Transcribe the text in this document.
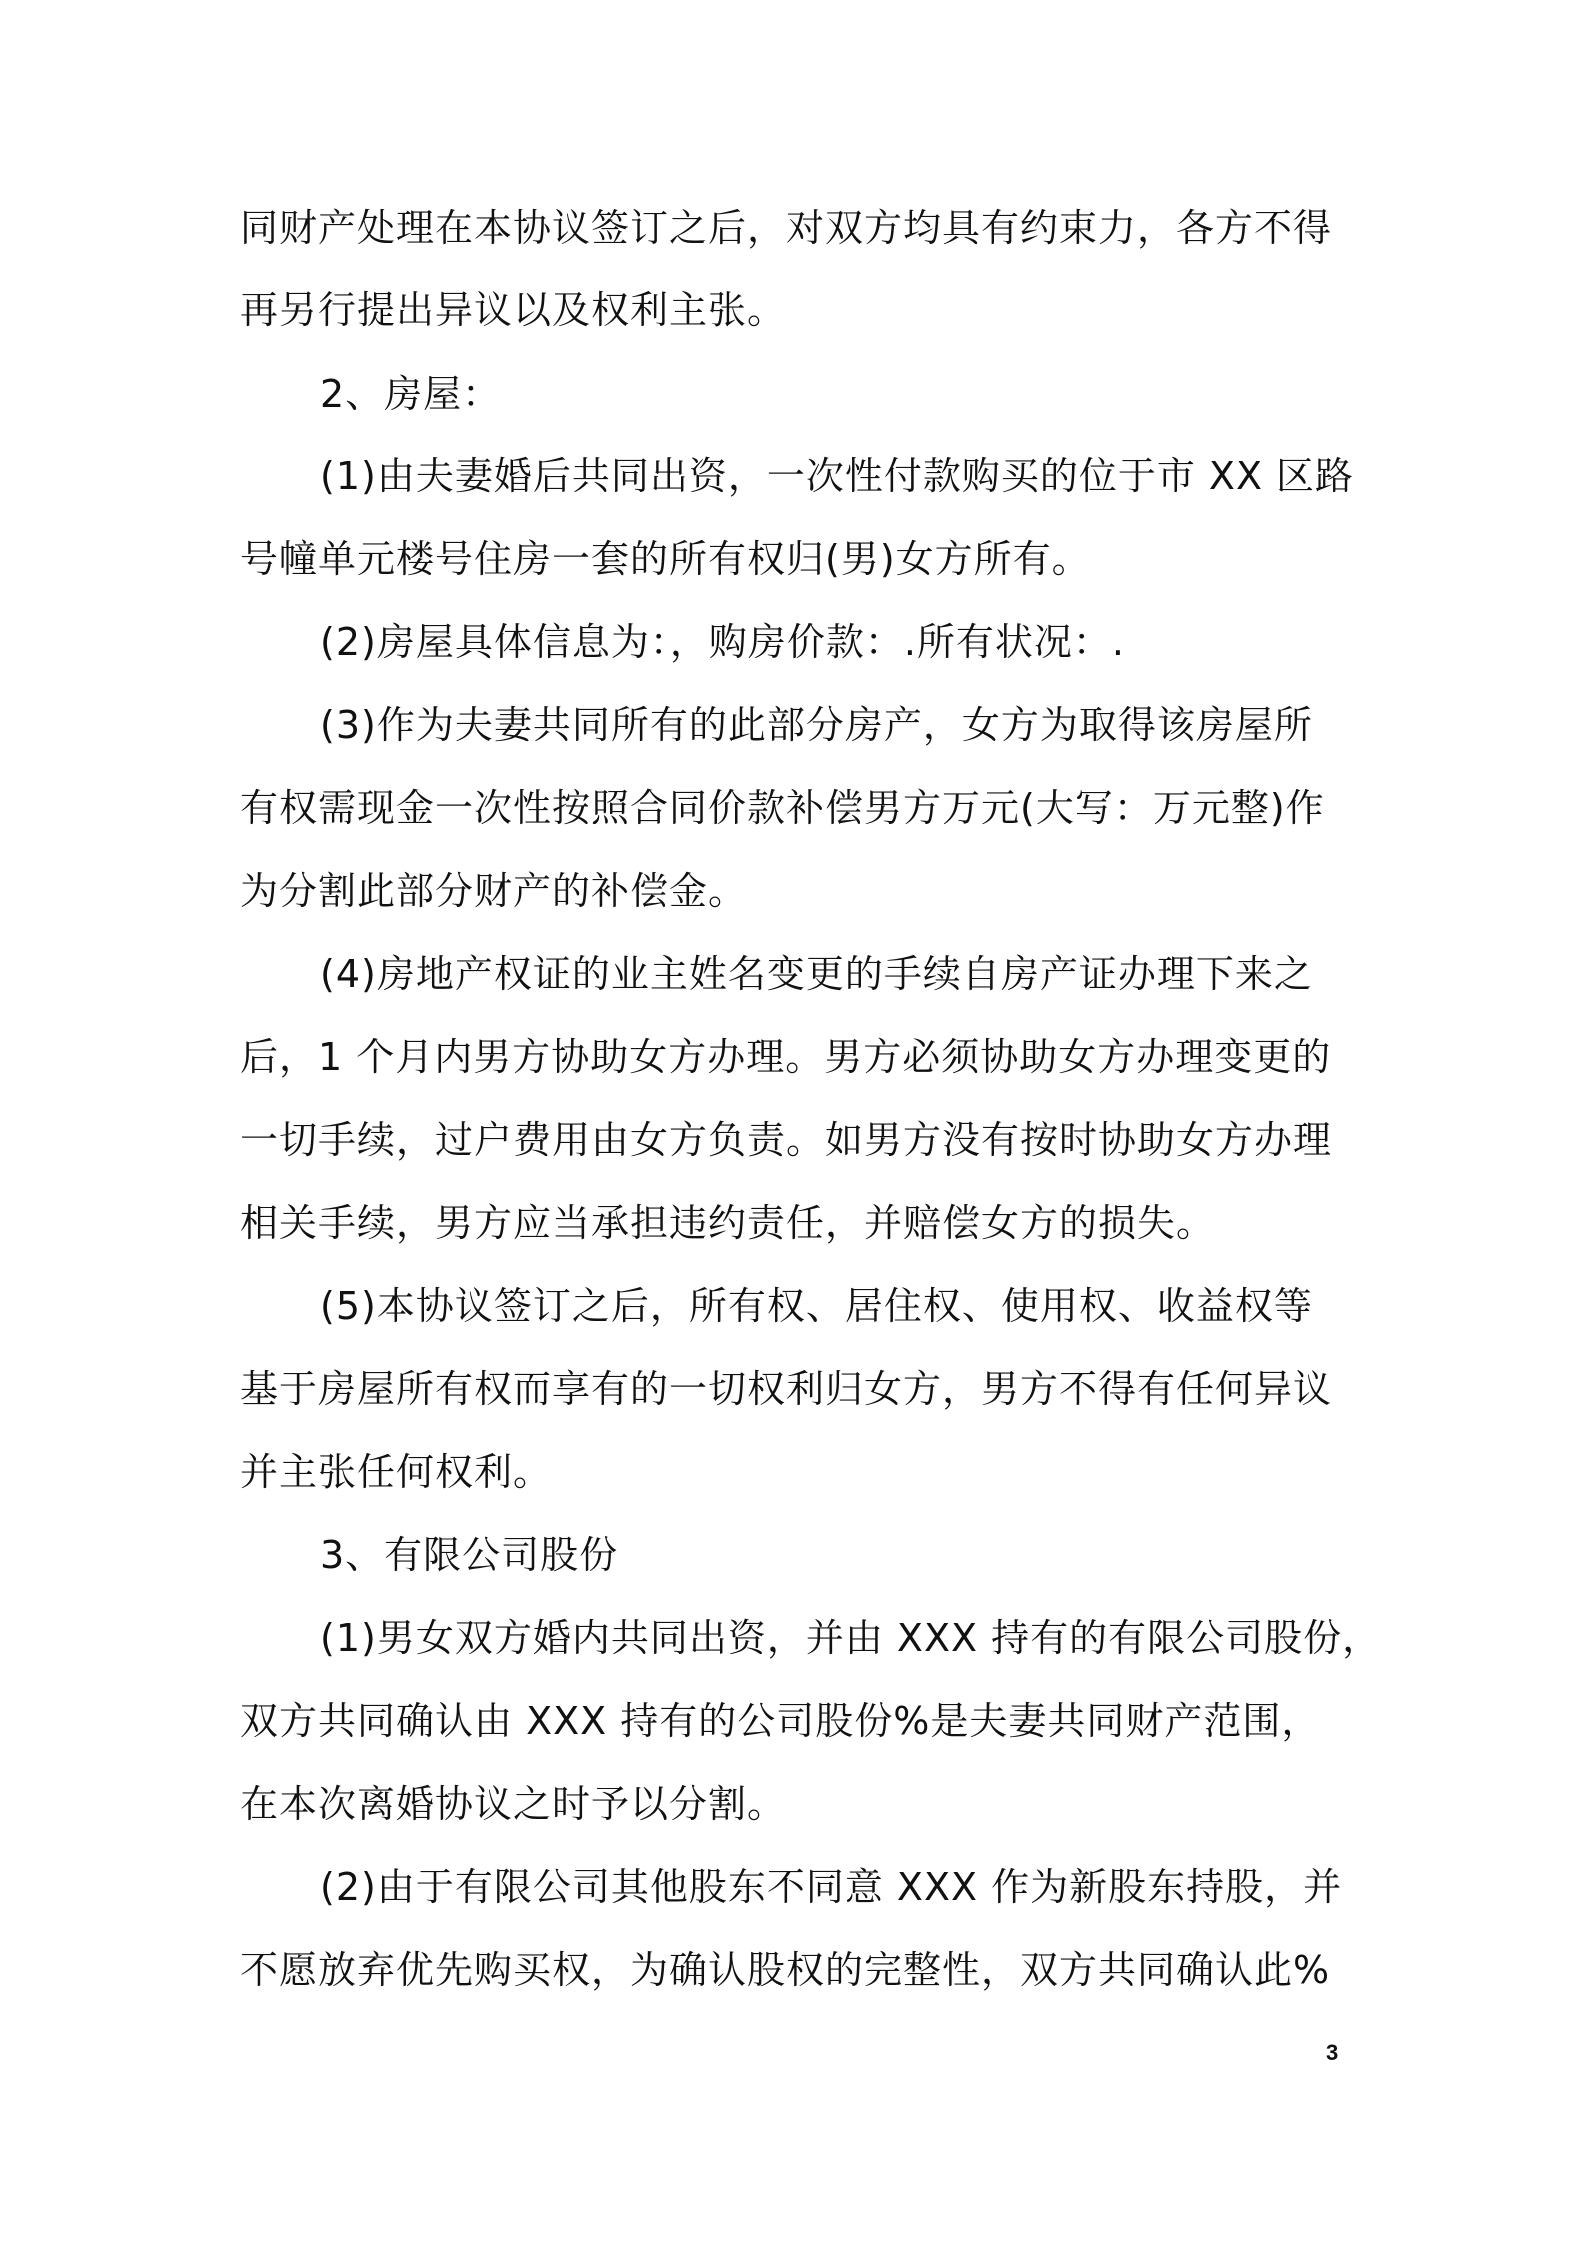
同财产处理在本协议签订之后，对双方均具有约束力，各方不得
再另行提出异议以及权利主张。
2、房屋：
(1)由夫妻婚后共同出资，一次性付款购买的位于市 XX 区路
号幢单元楼号住房一套的所有权归(男)女方所有。
(2)房屋具体信息为：，购房价款：.所有状况：.
(3)作为夫妻共同所有的此部分房产，女方为取得该房屋所
有权需现金一次性按照合同价款补偿男方万元(大写：万元整)作
为分割此部分财产的补偿金。
(4)房地产权证的业主姓名变更的手续自房产证办理下来之
后，1 个月内男方协助女方办理。男方必须协助女方办理变更的
一切手续，过户费用由女方负责。如男方没有按时协助女方办理
相关手续，男方应当承担违约责任，并赔偿女方的损失。
(5)本协议签订之后，所有权、居住权、使用权、收益权等
基于房屋所有权而享有的一切权利归女方，男方不得有任何异议
并主张任何权利。
3、有限公司股份
(1)男女双方婚内共同出资，并由 XXX 持有的有限公司股份，
双方共同确认由 XXX 持有的公司股份%是夫妻共同财产范围，
在本次离婚协议之时予以分割。
(2)由于有限公司其他股东不同意 XXX 作为新股东持股，并
不愿放弃优先购买权，为确认股权的完整性，双方共同确认此%
3
